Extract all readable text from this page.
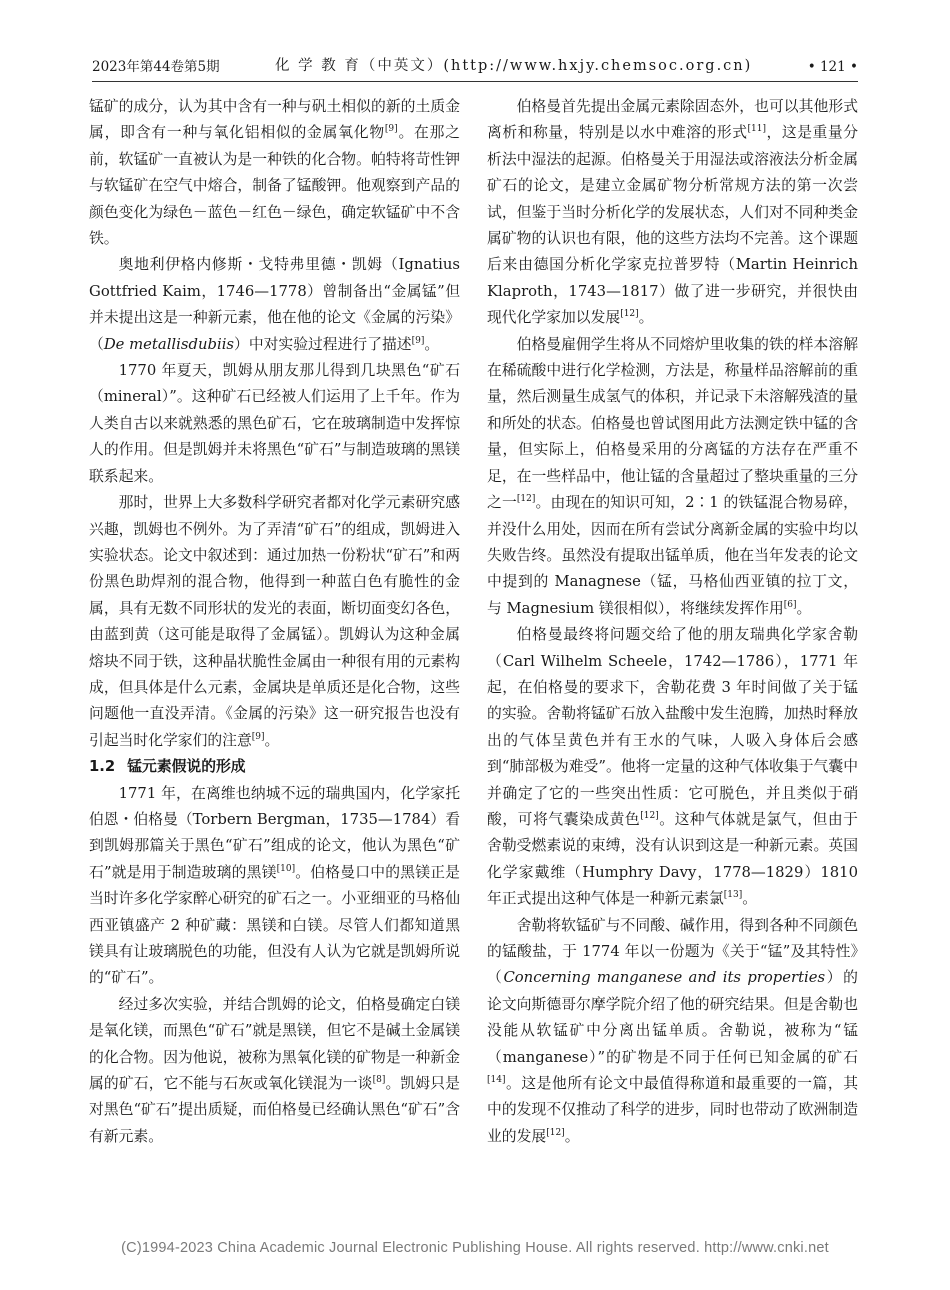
2023年第44卷第5期	化 学 教 育（中英文）(http://www.hxjy.chemsoc.org.cn)	• 121 •

锰矿的成分，认为其中含有一种与矾土相似的新的土质金属，即含有一种与氧化铝相似的金属氧化物[9]。在那之前，软锰矿一直被认为是一种铁的化合物。帕特将苛性钾与软锰矿在空气中熔合，制备了锰酸钾。他观察到产品的颜色变化为绿色－蓝色－红色－绿色，确定软锰矿中不含铁。

奥地利伊格内修斯・戈特弗里德・凯姆（Ignatius Gottfried Kaim，1746—1778）曾制备出“金属锰”但并未提出这是一种新元素，他在他的论文《金属的污染》（De metallisdubiis）中对实验过程进行了描述[9]。

1770 年夏天，凯姆从朋友那儿得到几块黑色“矿石（mineral）”。这种矿石已经被人们运用了上千年。作为人类自古以来就熟悉的黑色矿石，它在玻璃制造中发挥惊人的作用。但是凯姆并未将黑色“矿石”与制造玻璃的黑镁联系起来。

那时，世界上大多数科学研究者都对化学元素研究感兴趣，凯姆也不例外。为了弄清“矿石”的组成，凯姆进入实验状态。论文中叙述到：通过加热一份粉状“矿石”和两份黑色助焊剂的混合物，他得到一种蓝白色有脆性的金属，具有无数不同形状的发光的表面，断切面变幻各色，由蓝到黄（这可能是取得了金属锰）。凯姆认为这种金属熔块不同于铁，这种晶状脆性金属由一种很有用的元素构成，但具体是什么元素，金属块是单质还是化合物，这些问题他一直没弄清。《金属的污染》这一研究报告也没有引起当时化学家们的注意[9]。

1.2 锰元素假说的形成

1771 年，在离维也纳城不远的瑞典国内，化学家托伯恩・伯格曼（Torbern Bergman，1735—1784）看到凯姆那篇关于黑色“矿石”组成的论文，他认为黑色“矿石”就是用于制造玻璃的黑镁[10]。伯格曼口中的黑镁正是当时许多化学家醉心研究的矿石之一。小亚细亚的马格仙西亚镇盛产 2 种矿藏：黑镁和白镁。尽管人们都知道黑镁具有让玻璃脱色的功能，但没有人认为它就是凯姆所说的“矿石”。

经过多次实验，并结合凯姆的论文，伯格曼确定白镁是氧化镁，而黑色“矿石”就是黑镁，但它不是碱土金属镁的化合物。因为他说，被称为黑氧化镁的矿物是一种新金属的矿石，它不能与石灰或氧化镁混为一谈[8]。凯姆只是对黑色“矿石”提出质疑，而伯格曼已经确认黑色“矿石”含有新元素。

伯格曼首先提出金属元素除固态外，也可以其他形式离析和称量，特别是以水中难溶的形式[11]，这是重量分析法中湿法的起源。伯格曼关于用湿法或溶液法分析金属矿石的论文，是建立金属矿物分析常规方法的第一次尝试，但鉴于当时分析化学的发展状态，人们对不同种类金属矿物的认识也有限，他的这些方法均不完善。这个课题后来由德国分析化学家克拉普罗特（Martin Heinrich Klaproth，1743—1817）做了进一步研究，并很快由现代化学家加以发展[12]。

伯格曼雇佣学生将从不同熔炉里收集的铁的样本溶解在稀硫酸中进行化学检测，方法是，称量样品溶解前的重量，然后测量生成氢气的体积，并记录下未溶解残渣的量和所处的状态。伯格曼也曾试图用此方法测定铁中锰的含量，但实际上，伯格曼采用的分离锰的方法存在严重不足，在一些样品中，他让锰的含量超过了整块重量的三分之一[12]。由现在的知识可知，2∶1 的铁锰混合物易碎，并没什么用处，因而在所有尝试分离新金属的实验中均以失败告终。虽然没有提取出锰单质，他在当年发表的论文中提到的 Managnese（锰，马格仙西亚镇的拉丁文，与 Magnesium 镁很相似），将继续发挥作用[6]。

伯格曼最终将问题交给了他的朋友瑞典化学家舍勒（Carl Wilhelm Scheele，1742—1786），1771 年起，在伯格曼的要求下，舍勒花费 3 年时间做了关于锰的实验。舍勒将锰矿石放入盐酸中发生泡腾，加热时释放出的气体呈黄色并有王水的气味，人吸入身体后会感到“肺部极为难受”。他将一定量的这种气体收集于气囊中并确定了它的一些突出性质：它可脱色，并且类似于硝酸，可将气囊染成黄色[12]。这种气体就是氯气，但由于舍勒受燃素说的束缚，没有认识到这是一种新元素。英国化学家戴维（Humphry Davy，1778—1829）1810 年正式提出这种气体是一种新元素氯[13]。

舍勒将软锰矿与不同酸、碱作用，得到各种不同颜色的锰酸盐，于 1774 年以一份题为《关于“锰”及其特性》（Concerning manganese and its properties）的论文向斯德哥尔摩学院介绍了他的研究结果。但是舍勒也没能从软锰矿中分离出锰单质。舍勒说，被称为“锰（manganese）”的矿物是不同于任何已知金属的矿石[14]。这是他所有论文中最值得称道和最重要的一篇，其中的发现不仅推动了科学的进步，同时也带动了欧洲制造业的发展[12]。

(C)1994-2023 China Academic Journal Electronic Publishing House. All rights reserved. http://www.cnki.net
